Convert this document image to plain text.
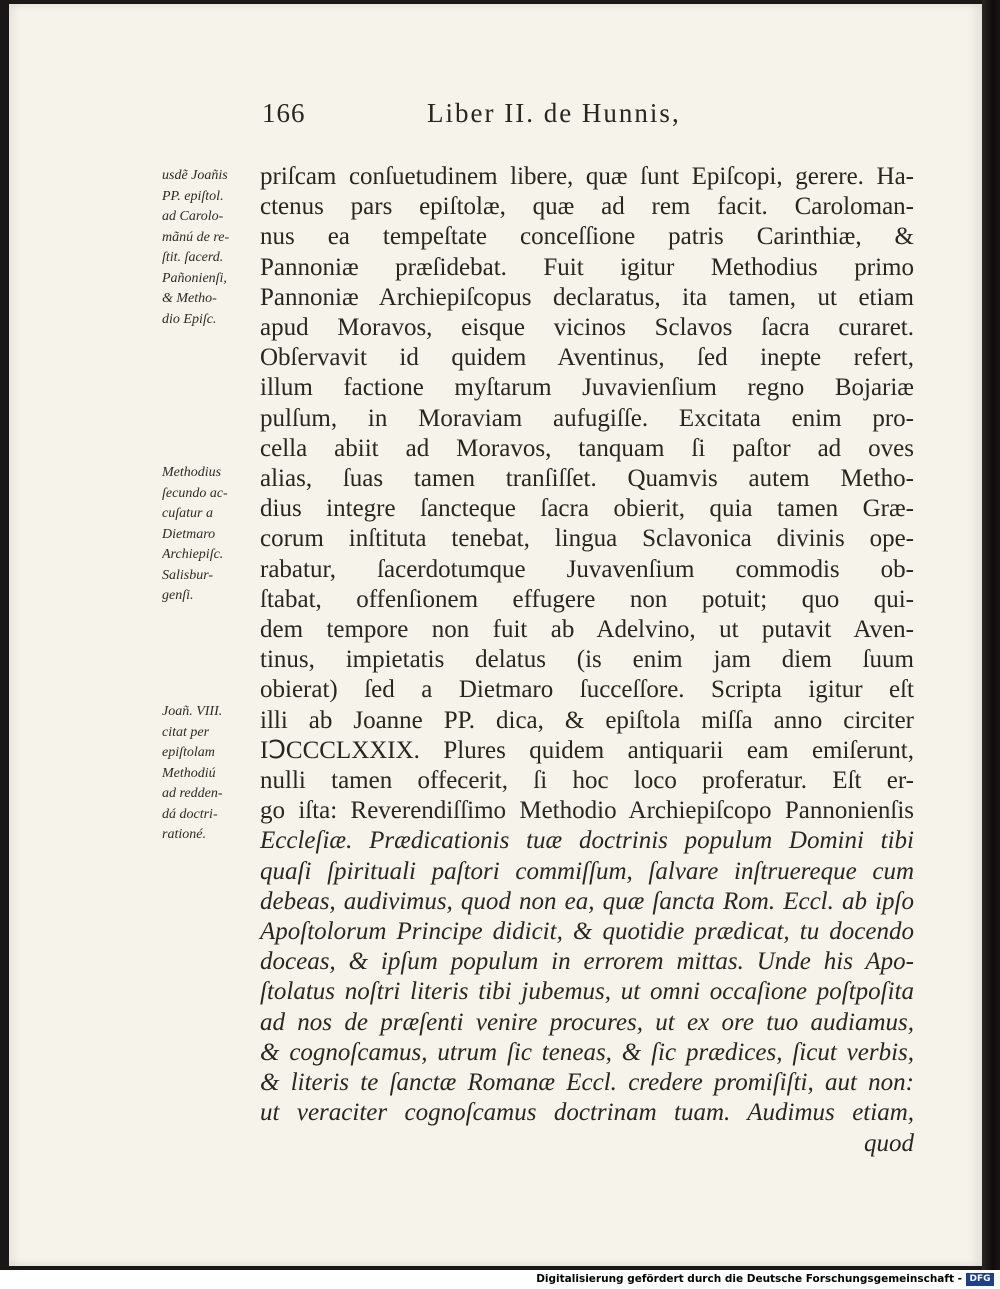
166	Liber II. de Hunnis,
usdẽ Joañis
PP. epiſtol.
ad Carolo-
mãnú de re-
ſtit. ſacerd.
Pañonienſi,
& Metho-
dio Epiſc.
Methodius
ſecundo ac-
cuſatur a
Dietmaro
Archiepiſc.
Salisbur-
genſi.
Joañ. VIII.
citat per
epiſtolam
Methodiú
ad redden-
dá doctri-
rationé.
priſcam conſuetudinem libere, quæ ſunt Epiſcopi, gerere. Ha-
ctenus pars epiſtolæ, quæ ad rem facit. Caroloman-
nus ea tempeſtate conceſſione patris Carinthiæ, &
Pannoniæ præſidebat. Fuit igitur Methodius primo
Pannoniæ Archiepiſcopus declaratus, ita tamen, ut etiam
apud Moravos, eisque vicinos Sclavos ſacra curaret.
Obſervavit id quidem Aventinus, ſed inepte refert,
illum factione myſtarum Juvavienſium regno Bojariæ
pulſum, in Moraviam aufugiſſe. Excitata enim pro-
cella abiit ad Moravos, tanquam ſi paſtor ad oves
alias, ſuas tamen tranſiſſet. Quamvis autem Metho-
dius integre ſancteque ſacra obierit, quia tamen Græ-
corum inſtituta tenebat, lingua Sclavonica divinis ope-
rabatur, ſacerdotumque Juvavenſium commodis ob-
ſtabat, offenſionem effugere non potuit; quo qui-
dem tempore non fuit ab Adelvino, ut putavit Aven-
tinus, impietatis delatus (is enim jam diem ſuum
obierat) ſed a Dietmaro ſucceſſore. Scripta igitur eſt
illi ab Joanne PP. dica, & epiſtola miſſa anno circiter
IↃCCCLXXIX. Plures quidem antiquarii eam emiſerunt,
nulli tamen offecerit, ſi hoc loco proferatur. Eſt er-
go iſta: Reverendiſſimo Methodio Archiepiſcopo Pannonienſis
Eccleſiæ. Prædicationis tuæ doctrinis populum Domini tibi
quaſi ſpirituali paſtori commiſſum, ſalvare inſtruereque cum
debeas, audivimus, quod non ea, quæ ſancta Rom. Eccl. ab ipſo
Apoſtolorum Principe didicit, & quotidie prædicat, tu docendo
doceas, & ipſum populum in errorem mittas. Unde his Apo-
ſtolatus noſtri literis tibi jubemus, ut omni occaſione poſtpoſita
ad nos de præſenti venire procures, ut ex ore tuo audiamus,
& cognoſcamus, utrum ſic teneas, & ſic prædices, ſicut verbis,
& literis te ſanctæ Romanæ Eccl. credere promiſiſti, aut non:
ut veraciter cognoſcamus doctrinam tuam. Audimus etiam,
quod
Digitalisierung gefördert durch die Deutsche Forschungsgemeinschaft - DFG
